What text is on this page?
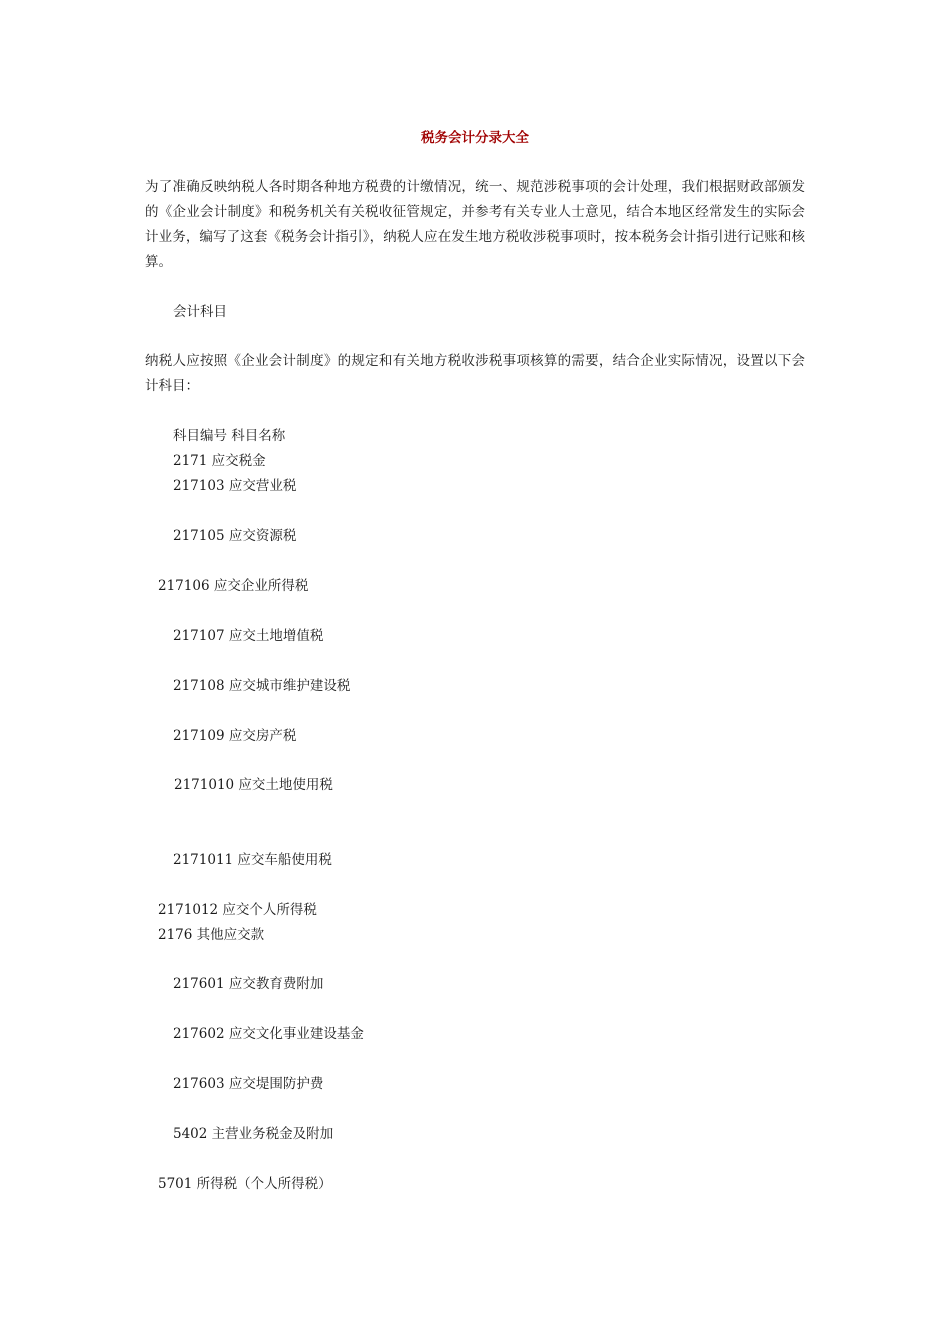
税务会计分录大全
为了准确反映纳税人各时期各种地方税费的计缴情况，统一、规范涉税事项的会计处理，我们根据财政部颁发的《企业会计制度》和税务机关有关税收征管规定，并参考有关专业人士意见，结合本地区经常发生的实际会计业务，编写了这套《税务会计指引》，纳税人应在发生地方税收涉税事项时，按本税务会计指引进行记账和核算。
会计科目
纳税人应按照《企业会计制度》的规定和有关地方税收涉税事项核算的需要，结合企业实际情况，设置以下会计科目：
科目编号 科目名称
2171 应交税金
217103 应交营业税
217105 应交资源税
217106 应交企业所得税
217107 应交土地增值税
217108 应交城市维护建设税
217109 应交房产税
2171010 应交土地使用税
2171011 应交车船使用税
2171012 应交个人所得税
2176 其他应交款
217601 应交教育费附加
217602 应交文化事业建设基金
217603 应交堤围防护费
5402 主营业务税金及附加
5701 所得税（个人所得税）
